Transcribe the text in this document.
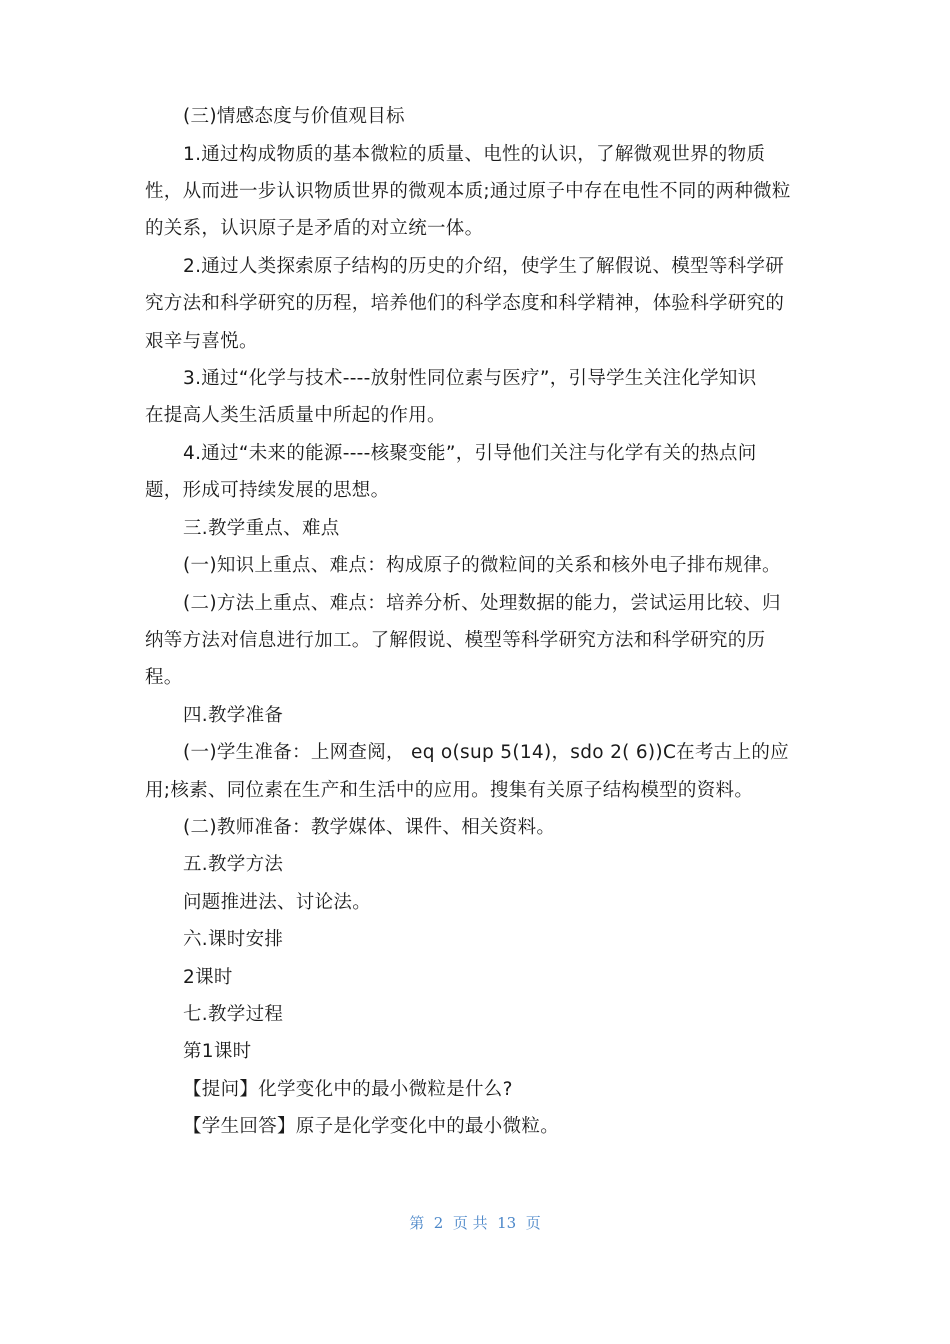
(三)情感态度与价值观目标
1.通过构成物质的基本微粒的质量、电性的认识，了解微观世界的物质
性，从而进一步认识物质世界的微观本质;通过原子中存在电性不同的两种微粒
的关系，认识原子是矛盾的对立统一体。
2.通过人类探索原子结构的历史的介绍，使学生了解假说、模型等科学研
究方法和科学研究的历程，培养他们的科学态度和科学精神，体验科学研究的
艰辛与喜悦。
3.通过“化学与技术----放射性同位素与医疗”，引导学生关注化学知识
在提高人类生活质量中所起的作用。
4.通过“未来的能源----核聚变能”，引导他们关注与化学有关的热点问
题，形成可持续发展的思想。
三.教学重点、难点
(一)知识上重点、难点：构成原子的微粒间的关系和核外电子排布规律。
(二)方法上重点、难点：培养分析、处理数据的能力，尝试运用比较、归
纳等方法对信息进行加工。了解假说、模型等科学研究方法和科学研究的历
程。
四.教学准备
(一)学生准备：上网查阅， eq o(sup 5(14)，sdo 2( 6))C在考古上的应
用;核素、同位素在生产和生活中的应用。搜集有关原子结构模型的资料。
(二)教师准备：教学媒体、课件、相关资料。
五.教学方法
问题推进法、讨论法。
六.课时安排
2课时
七.教学过程
第1课时
【提问】化学变化中的最小微粒是什么?
【学生回答】原子是化学变化中的最小微粒。
第  2  页 共  13  页
